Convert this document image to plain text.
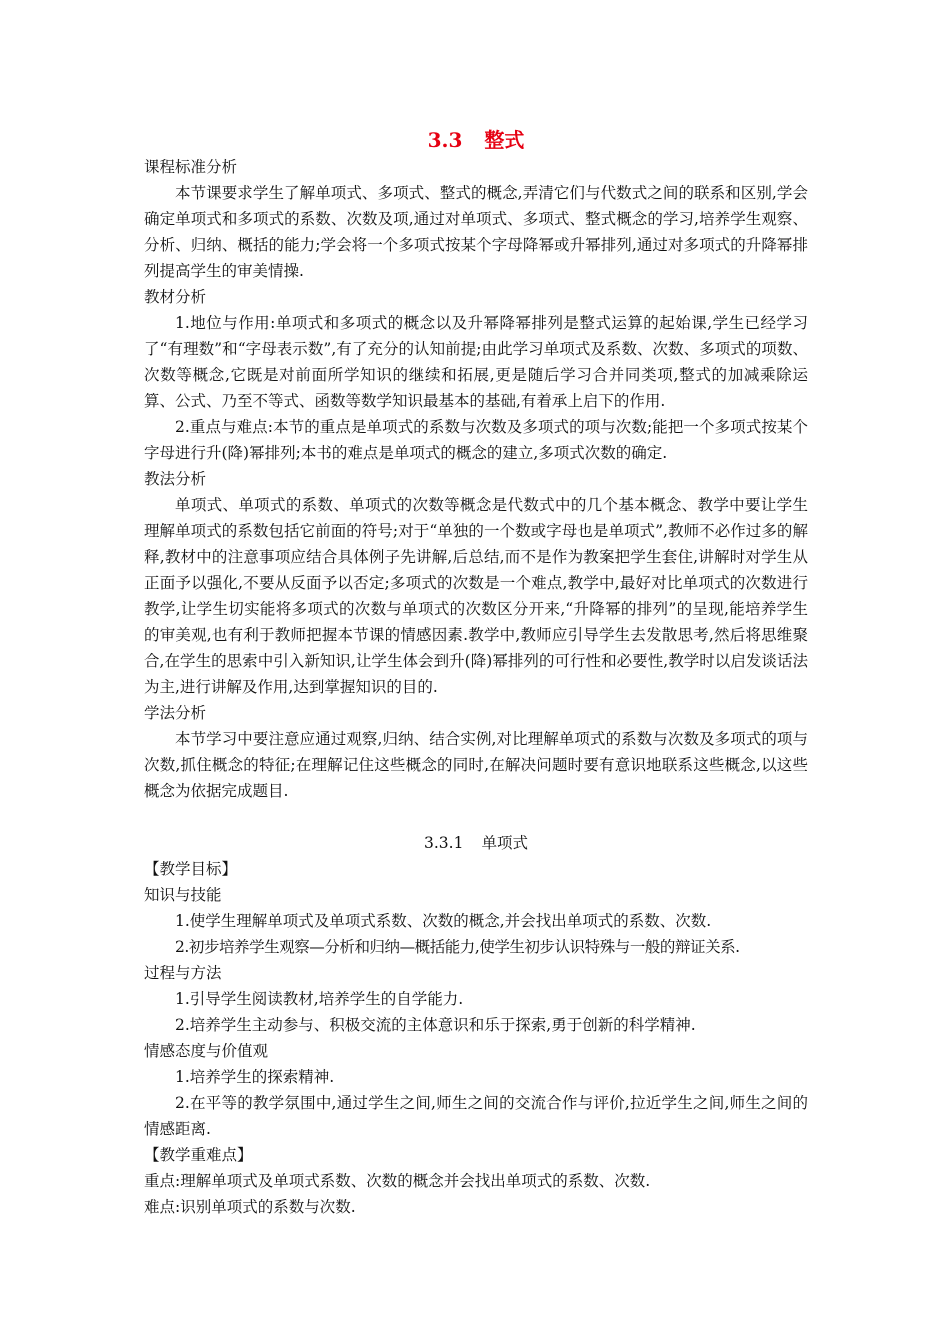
3.3 整式

课程标准分析

本节课要求学生了解单项式、多项式、整式的概念,弄清它们与代数式之间的联系和区别,学会确定单项式和多项式的系数、次数及项,通过对单项式、多项式、整式概念的学习,培养学生观察、分析、归纳、概括的能力;学会将一个多项式按某个字母降幂或升幂排列,通过对多项式的升降幂排列提高学生的审美情操.

教材分析

1.地位与作用:单项式和多项式的概念以及升幂降幂排列是整式运算的起始课,学生已经学习了“有理数”和“字母表示数”,有了充分的认知前提;由此学习单项式及系数、次数、多项式的项数、次数等概念,它既是对前面所学知识的继续和拓展,更是随后学习合并同类项,整式的加减乘除运算、公式、乃至不等式、函数等数学知识最基本的基础,有着承上启下的作用.

2.重点与难点:本节的重点是单项式的系数与次数及多项式的项与次数;能把一个多项式按某个字母进行升(降)幂排列;本书的难点是单项式的概念的建立,多项式次数的确定.

教法分析

单项式、单项式的系数、单项式的次数等概念是代数式中的几个基本概念、教学中要让学生理解单项式的系数包括它前面的符号;对于“单独的一个数或字母也是单项式”,教师不必作过多的解释,教材中的注意事项应结合具体例子先讲解,后总结,而不是作为教案把学生套住,讲解时对学生从正面予以强化,不要从反面予以否定;多项式的次数是一个难点,教学中,最好对比单项式的次数进行教学,让学生切实能将多项式的次数与单项式的次数区分开来,“升降幂的排列”的呈现,能培养学生的审美观,也有利于教师把握本节课的情感因素.教学中,教师应引导学生去发散思考,然后将思维聚合,在学生的思索中引入新知识,让学生体会到升(降)幂排列的可行性和必要性,教学时以启发谈话法为主,进行讲解及作用,达到掌握知识的目的.

学法分析

本节学习中要注意应通过观察,归纳、结合实例,对比理解单项式的系数与次数及多项式的项与次数,抓住概念的特征;在理解记住这些概念的同时,在解决问题时要有意识地联系这些概念,以这些概念为依据完成题目.

3.3.1 单项式

【教学目标】

知识与技能

1.使学生理解单项式及单项式系数、次数的概念,并会找出单项式的系数、次数.

2.初步培养学生观察—分析和归纳—概括能力,使学生初步认识特殊与一般的辩证关系.

过程与方法

1.引导学生阅读教材,培养学生的自学能力.

2.培养学生主动参与、积极交流的主体意识和乐于探索,勇于创新的科学精神.

情感态度与价值观

1.培养学生的探索精神.

2.在平等的教学氛围中,通过学生之间,师生之间的交流合作与评价,拉近学生之间,师生之间的情感距离.

【教学重难点】

重点:理解单项式及单项式系数、次数的概念并会找出单项式的系数、次数.

难点:识别单项式的系数与次数.
